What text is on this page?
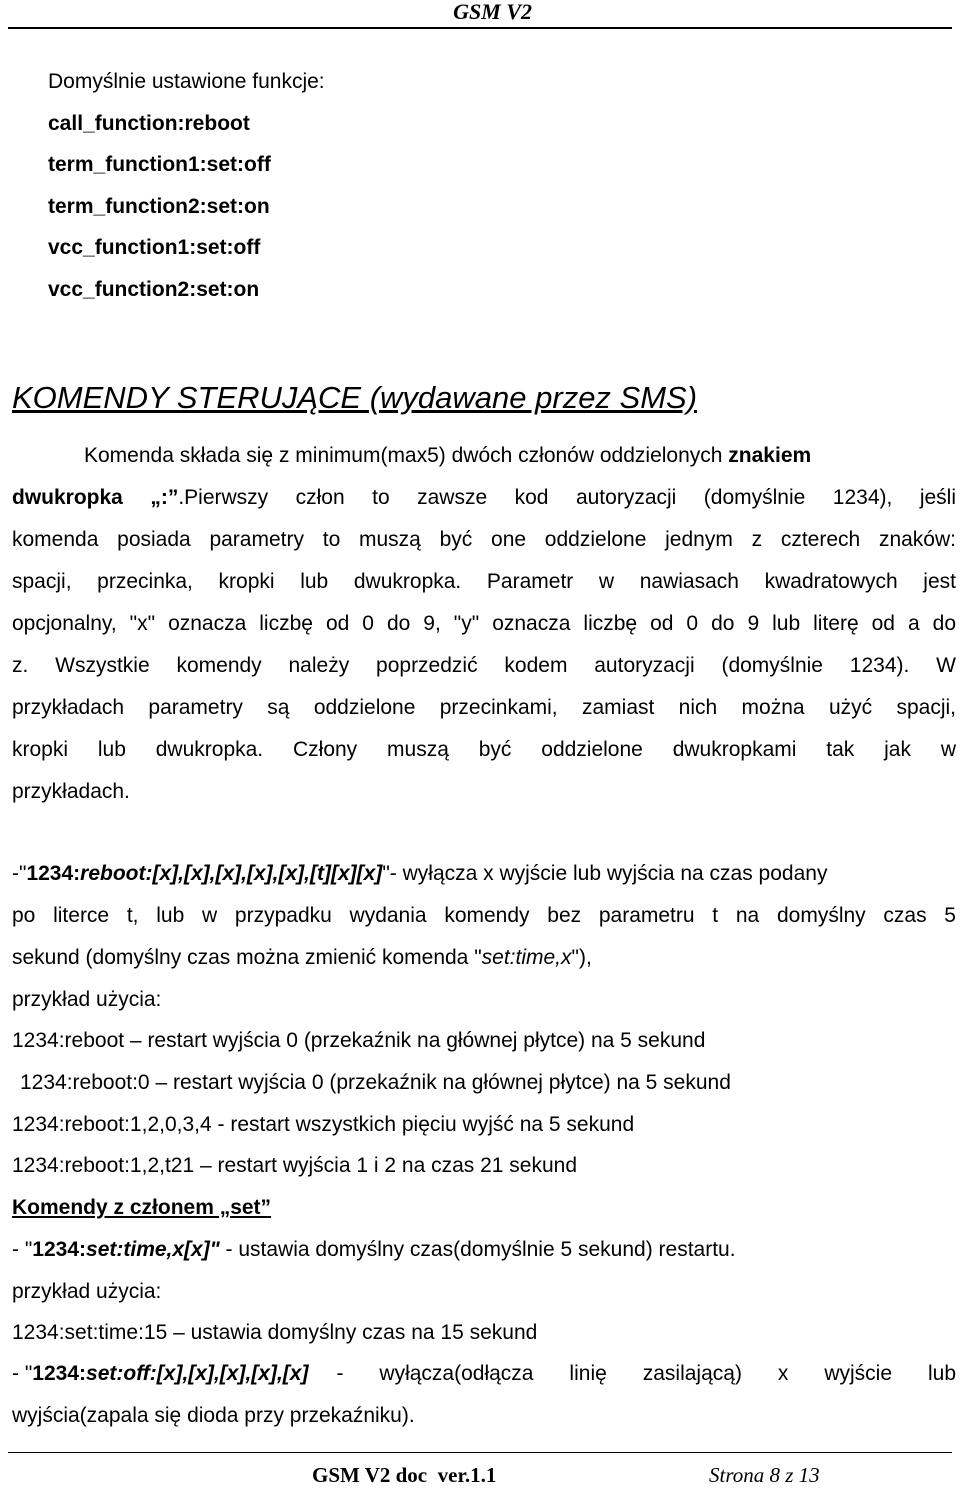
GSM V2
Domyślnie ustawione funkcje:
call_function:reboot
term_function1:set:off
term_function2:set:on
vcc_function1:set:off
vcc_function2:set:on
KOMENDY STERUJĄCE (wydawane przez SMS)
Komenda składa się z minimum(max5) dwóch członów oddzielonych znakiem
dwukropka „:”.Pierwszy człon to zawsze kod autoryzacji (domyślnie 1234), jeśli
komenda posiada parametry to muszą być one oddzielone jednym z czterech znaków:
spacji, przecinka, kropki lub dwukropka. Parametr w nawiasach kwadratowych jest
opcjonalny, "x" oznacza liczbę od 0 do 9, "y" oznacza liczbę od 0 do 9 lub literę od a do
z. Wszystkie komendy należy poprzedzić kodem autoryzacji (domyślnie 1234). W
przykładach parametry są oddzielone przecinkami, zamiast nich można użyć spacji,
kropki lub dwukropka. Człony muszą być oddzielone dwukropkami tak jak w
przykładach.
-"1234:reboot:[x],[x],[x],[x],[x],[t][x][x]"- wyłącza x wyjście lub wyjścia na czas podany
po literce t, lub w przypadku wydania komendy bez parametru t na domyślny czas 5
sekund (domyślny czas można zmienić komenda "set:time,x"),
przykład użycia:
1234:reboot – restart wyjścia 0 (przekaźnik na głównej płytce) na 5 sekund
1234:reboot:0 – restart wyjścia 0 (przekaźnik na głównej płytce) na 5 sekund
1234:reboot:1,2,0,3,4 - restart wszystkich pięciu wyjść na 5 sekund
1234:reboot:1,2,t21 – restart wyjścia 1 i 2 na czas 21 sekund
Komendy z członem „set”
- "1234:set:time,x[x]" - ustawia domyślny czas(domyślnie 5 sekund) restartu.
przykład użycia:
1234:set:time:15 – ustawia domyślny czas na 15 sekund
- "1234:set:off:[x],[x],[x],[x],[x] - wyłącza(odłącza linię zasilającą) x wyjście lub
wyjścia(zapala się dioda przy przekaźniku).
GSM V2 doc  ver.1.1	Strona 8 z 13
